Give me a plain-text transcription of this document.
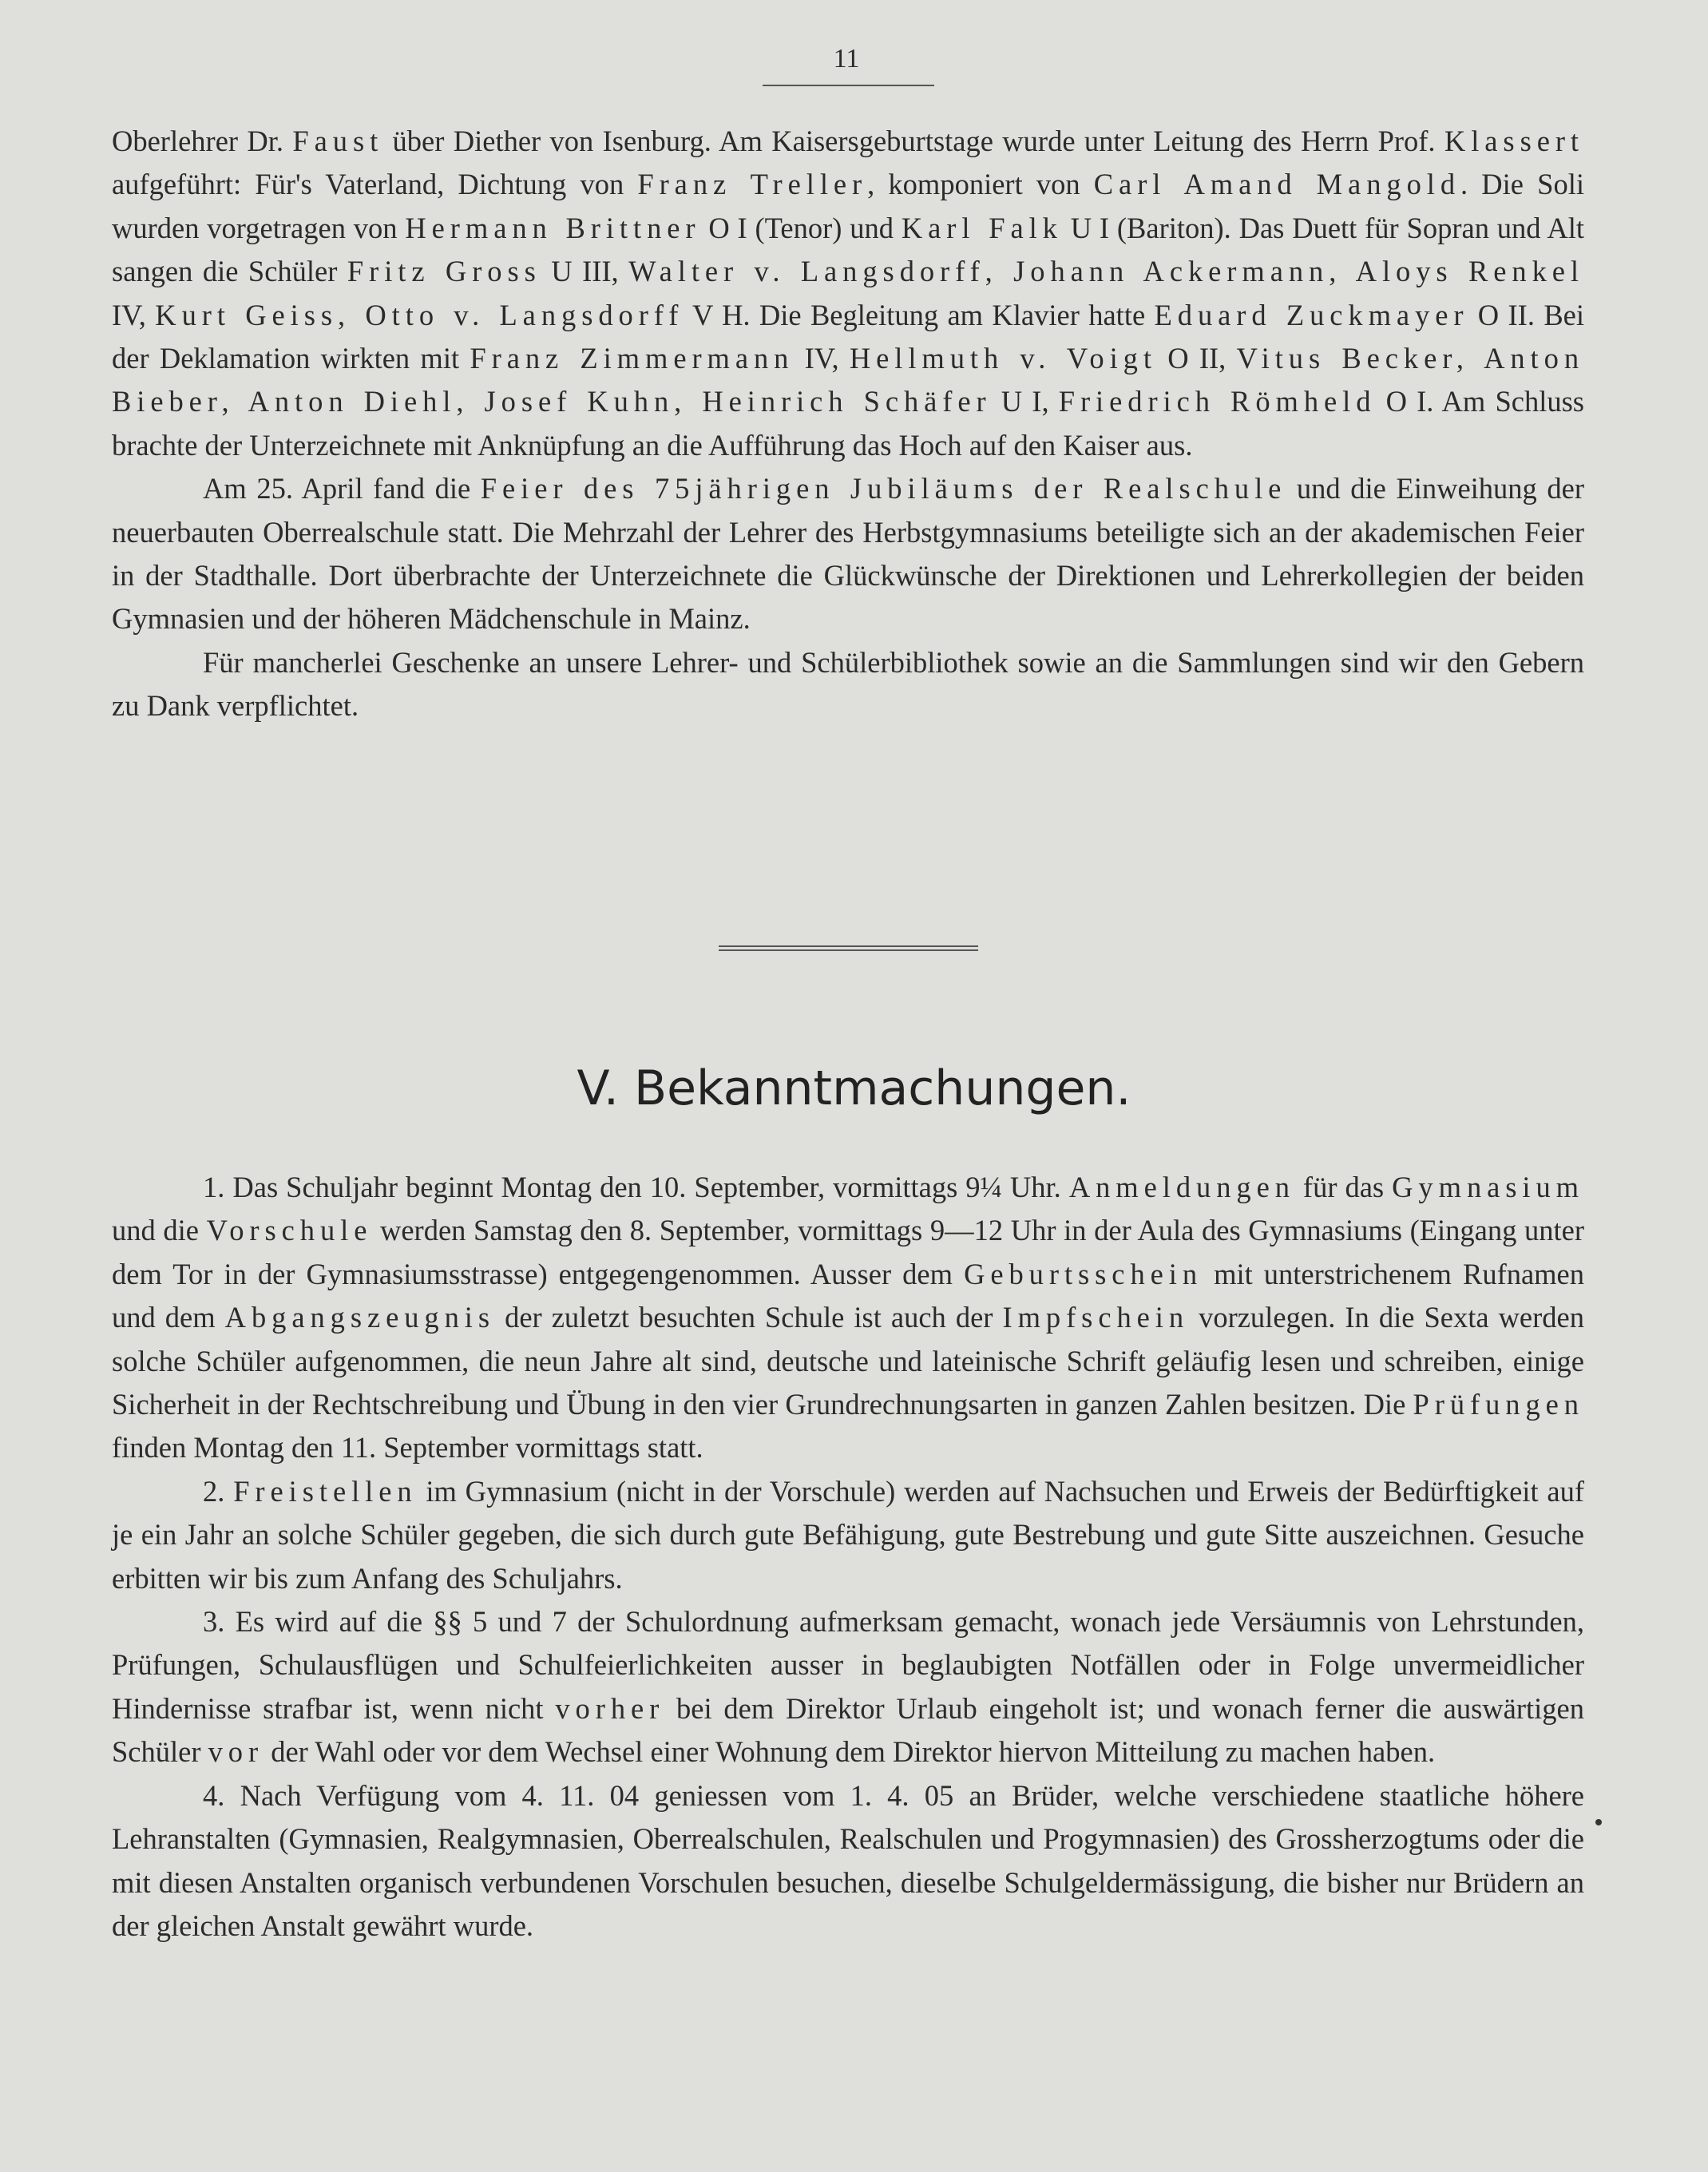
11

Oberlehrer Dr. Faust über Diether von Isenburg. Am Kaisersgeburtstage wurde unter Leitung des Herrn Prof. Klassert aufgeführt: Für's Vaterland, Dichtung von Franz Treller, komponiert von Carl Amand Mangold. Die Soli wurden vorgetragen von Hermann Brittner O I (Tenor) und Karl Falk U I (Bariton). Das Duett für Sopran und Alt sangen die Schüler Fritz Gross U III, Walter v. Langsdorff, Johann Ackermann, Aloys Renkel IV, Kurt Geiss, Otto v. Langsdorff V H. Die Begleitung am Klavier hatte Eduard Zuckmayer O II. Bei der Deklamation wirkten mit Franz Zimmermann IV, Hellmuth v. Voigt O II, Vitus Becker, Anton Bieber, Anton Diehl, Josef Kuhn, Heinrich Schäfer U I, Friedrich Römheld O I. Am Schluss brachte der Unterzeichnete mit Anknüpfung an die Aufführung das Hoch auf den Kaiser aus.

Am 25. April fand die Feier des 75jährigen Jubiläums der Realschule und die Einweihung der neuerbauten Oberrealschule statt. Die Mehrzahl der Lehrer des Herbstgymnasiums beteiligte sich an der akademischen Feier in der Stadthalle. Dort überbrachte der Unterzeichnete die Glückwünsche der Direktionen und Lehrerkollegien der beiden Gymnasien und der höheren Mädchenschule in Mainz.

Für mancherlei Geschenke an unsere Lehrer- und Schülerbibliothek sowie an die Sammlungen sind wir den Gebern zu Dank verpflichtet.

V. Bekanntmachungen.

1. Das Schuljahr beginnt Montag den 10. September, vormittags 9¼ Uhr. Anmeldungen für das Gymnasium und die Vorschule werden Samstag den 8. September, vormittags 9—12 Uhr in der Aula des Gymnasiums (Eingang unter dem Tor in der Gymnasiumsstrasse) entgegengenommen. Ausser dem Geburtsschein mit unterstrichenem Rufnamen und dem Abgangszeugnis der zuletzt besuchten Schule ist auch der Impfschein vorzulegen. In die Sexta werden solche Schüler aufgenommen, die neun Jahre alt sind, deutsche und lateinische Schrift geläufig lesen und schreiben, einige Sicherheit in der Rechtschreibung und Übung in den vier Grundrechnungsarten in ganzen Zahlen besitzen. Die Prüfungen finden Montag den 11. September vormittags statt.

2. Freistellen im Gymnasium (nicht in der Vorschule) werden auf Nachsuchen und Erweis der Bedürftigkeit auf je ein Jahr an solche Schüler gegeben, die sich durch gute Befähigung, gute Bestrebung und gute Sitte auszeichnen. Gesuche erbitten wir bis zum Anfang des Schuljahrs.

3. Es wird auf die §§ 5 und 7 der Schulordnung aufmerksam gemacht, wonach jede Versäumnis von Lehrstunden, Prüfungen, Schulausflügen und Schulfeierlichkeiten ausser in beglaubigten Notfällen oder in Folge unvermeidlicher Hindernisse strafbar ist, wenn nicht vorher bei dem Direktor Urlaub eingeholt ist; und wonach ferner die auswärtigen Schüler vor der Wahl oder vor dem Wechsel einer Wohnung dem Direktor hiervon Mitteilung zu machen haben.

4. Nach Verfügung vom 4. 11. 04 geniessen vom 1. 4. 05 an Brüder, welche verschiedene staatliche höhere Lehranstalten (Gymnasien, Realgymnasien, Oberrealschulen, Realschulen und Progymnasien) des Grossherzogtums oder die mit diesen Anstalten organisch verbundenen Vorschulen besuchen, dieselbe Schulgeldermässigung, die bisher nur Brüdern an der gleichen Anstalt gewährt wurde.
